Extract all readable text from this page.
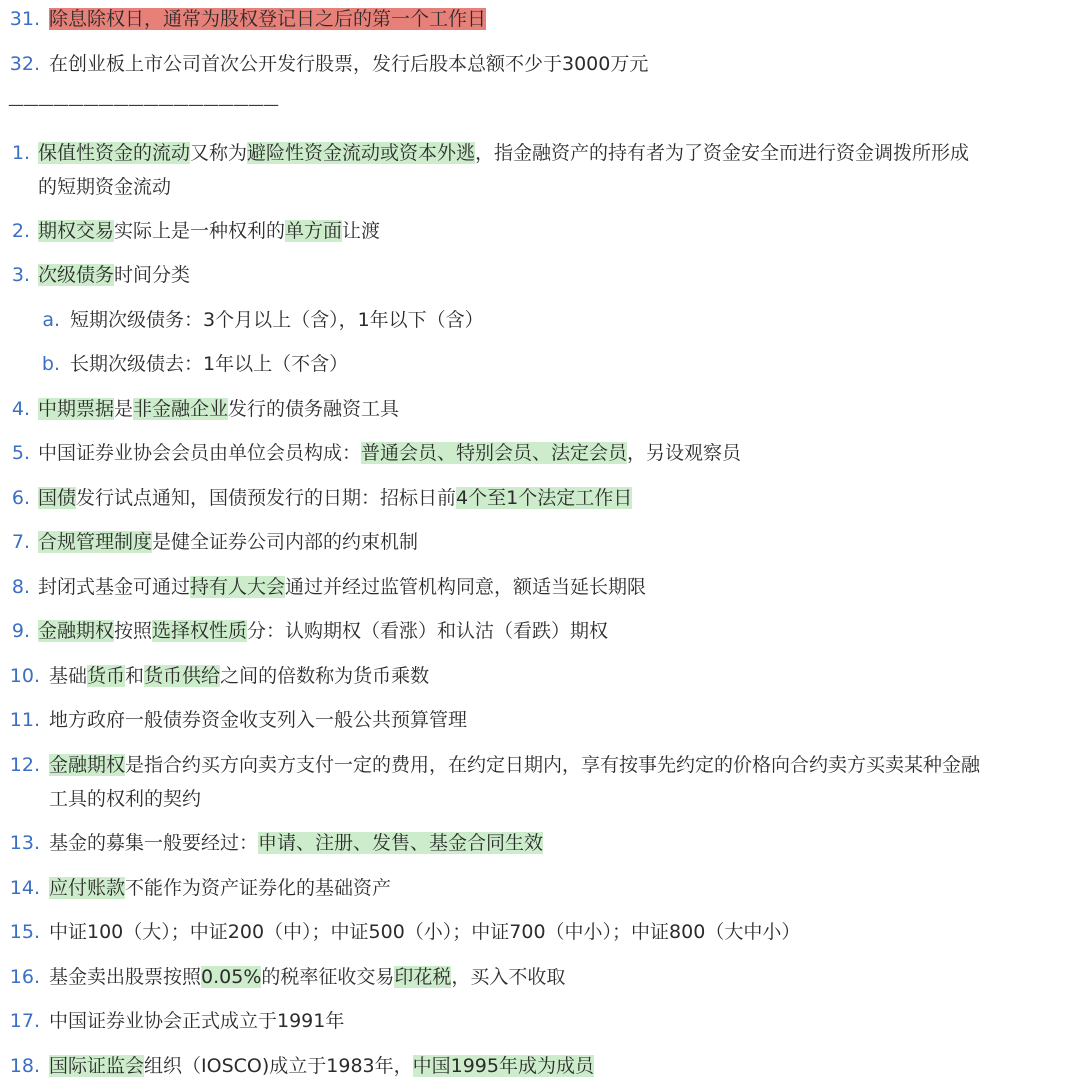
——————————————————
31. 除息除权日，通常为股权登记日之后的第一个工作日
32. 在创业板上市公司首次公开发行股票，发行后股本总额不少于3000万元
1. 保值性资金的流动又称为避险性资金流动或资本外逃，指金融资产的持有者为了资金安全而进行资金调拨所形成
的短期资金流动
2. 期权交易实际上是一种权利的单方面让渡
3. 次级债务时间分类
a. 短期次级债务：3个月以上（含），1年以下（含）
b. 长期次级债去：1年以上（不含）
4. 中期票据是非金融企业发行的债务融资工具
5. 中国证券业协会会员由单位会员构成：普通会员、特别会员、法定会员，另设观察员
6. 国债发行试点通知，国债预发行的日期：招标日前4个至1个法定工作日
7. 合规管理制度是健全证券公司内部的约束机制
8. 封闭式基金可通过持有人大会通过并经过监管机构同意，额适当延长期限
9. 金融期权按照选择权性质分：认购期权（看涨）和认沽（看跌）期权
10. 基础货币和货币供给之间的倍数称为货币乘数
11. 地方政府一般债券资金收支列入一般公共预算管理
12. 金融期权是指合约买方向卖方支付一定的费用，在约定日期内，享有按事先约定的价格向合约卖方买卖某种金融
工具的权利的契约
13. 基金的募集一般要经过：申请、注册、发售、基金合同生效
14. 应付账款不能作为资产证券化的基础资产
15. 中证100（大）；中证200（中）；中证500（小）；中证700（中小）；中证800（大中小）
16. 基金卖出股票按照0.05%的税率征收交易印花税，买入不收取
17. 中国证券业协会正式成立于1991年
18. 国际证监会组织（IOSCO)成立于1983年，中国1995年成为成员
